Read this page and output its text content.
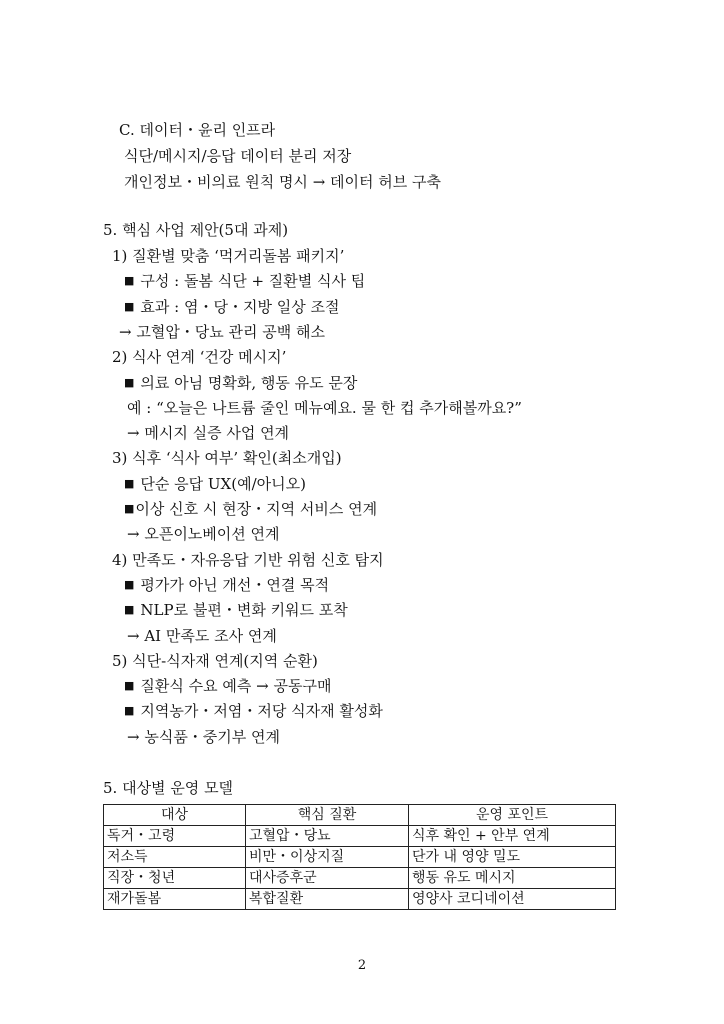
C. 데이터・윤리 인프라
식단/메시지/응답 데이터 분리 저장
개인정보・비의료 원칙 명시 → 데이터 허브 구축
5. 핵심 사업 제안(5대 과제)
1) 질환별 맞춤 ‘먹거리돌봄 패키지’
■ 구성 : 돌봄 식단 + 질환별 식사 팁
■ 효과 : 염・당・지방 일상 조절
→ 고혈압・당뇨 관리 공백 해소
2) 식사 연계 ‘건강 메시지’
■ 의료 아님 명확화, 행동 유도 문장
예 : “오늘은 나트륨 줄인 메뉴예요. 물 한 컵 추가해볼까요?”
→ 메시지 실증 사업 연계
3) 식후 ‘식사 여부’ 확인(최소개입)
■ 단순 응답 UX(예/아니오)
■이상 신호 시 현장・지역 서비스 연계
→ 오픈이노베이션 연계
4) 만족도・자유응답 기반 위험 신호 탐지
■ 평가가 아닌 개선・연결 목적
■ NLP로 불편・변화 키워드 포착
→ AI 만족도 조사 연계
5) 식단-식자재 연계(지역 순환)
■ 질환식 수요 예측 → 공동구매
■ 지역농가・저염・저당 식자재 활성화
→ 농식품・중기부 연계
5. 대상별 운영 모델
대상	핵심 질환	운영 포인트
독거・고령	고혈압・당뇨	식후 확인 + 안부 연계
저소득	비만・이상지질	단가 내 영양 밀도
직장・청년	대사증후군	행동 유도 메시지
재가돌봄	복합질환	영양사 코디네이션
2
